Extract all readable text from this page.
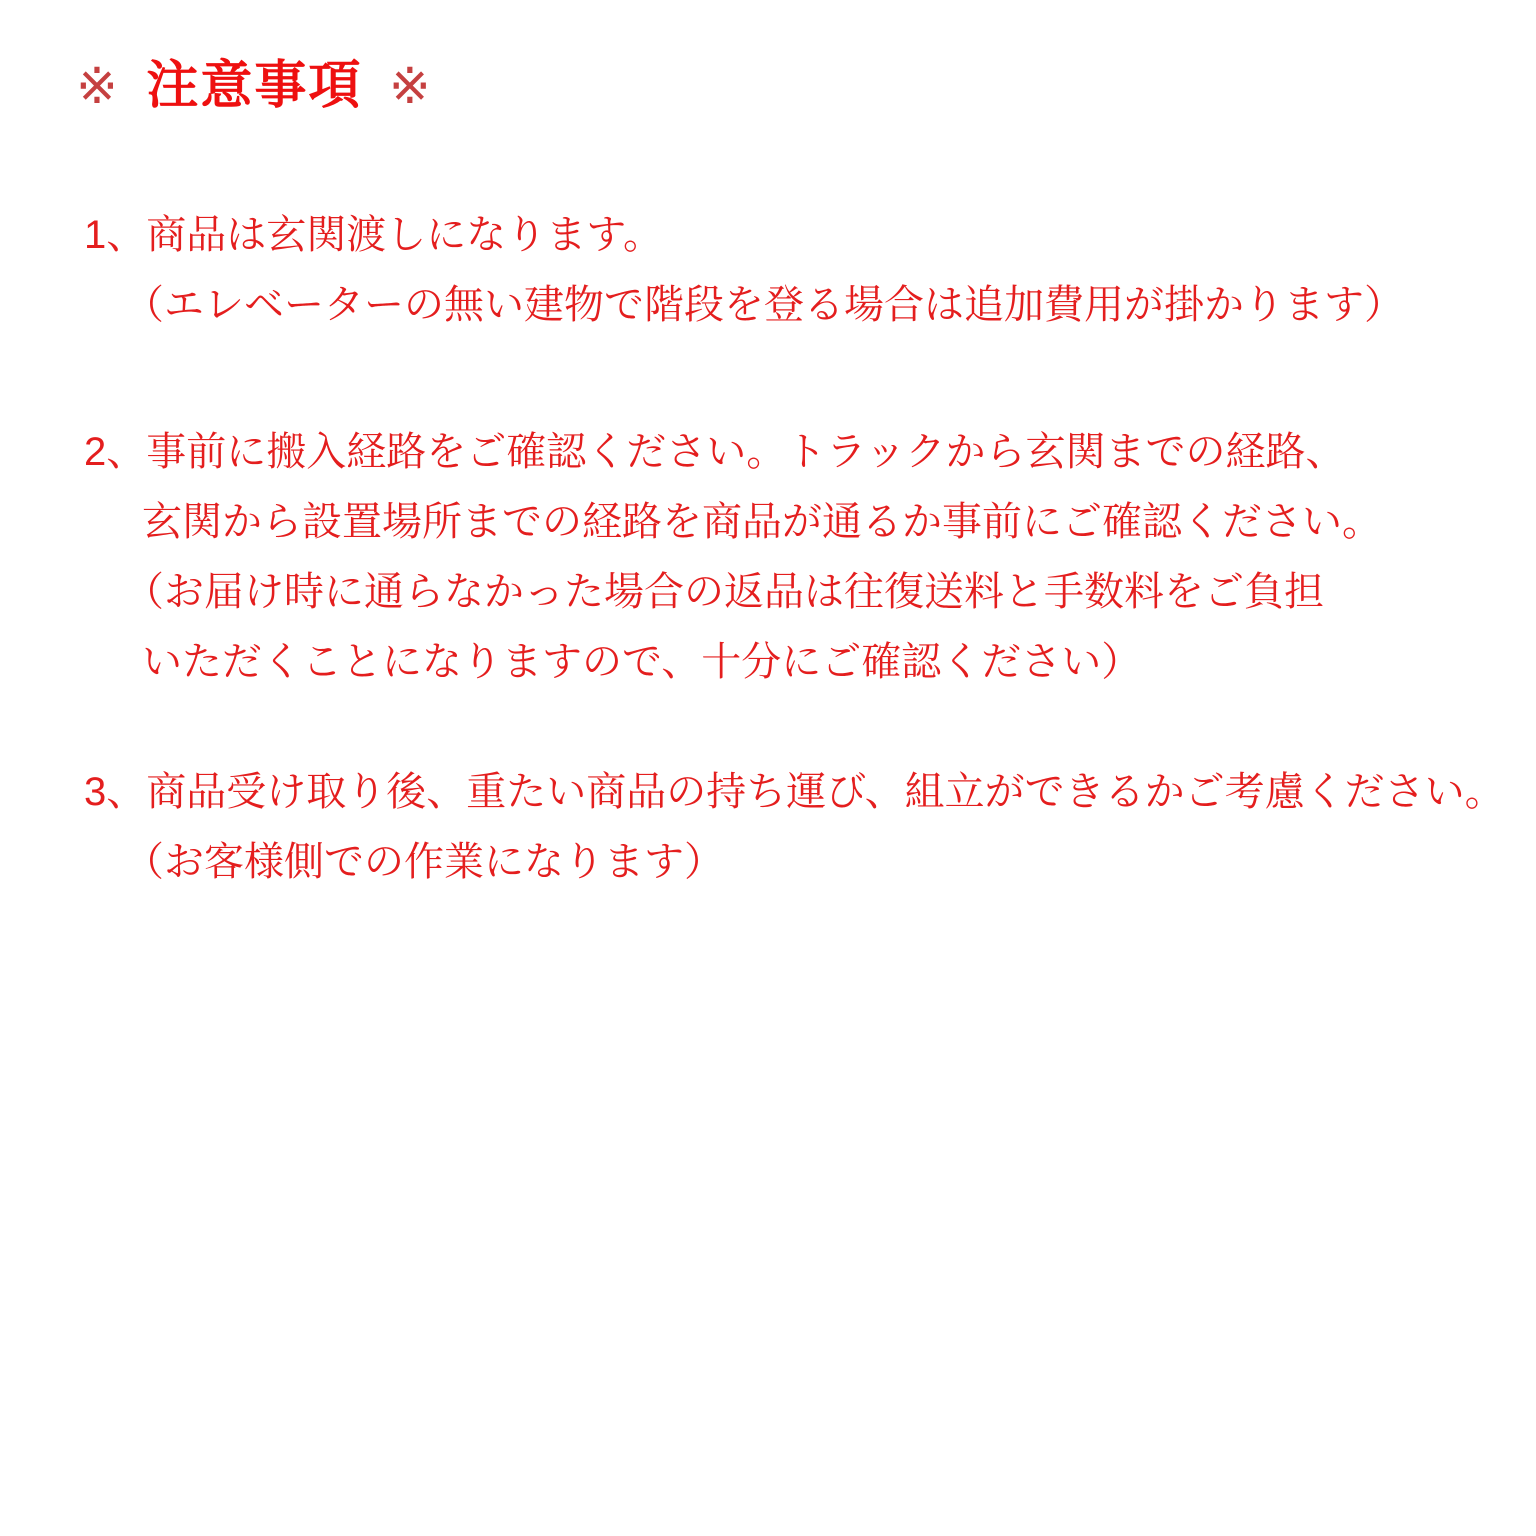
※ 注意事項 ※
1、商品は玄関渡しになります。
（エレベーターの無い建物で階段を登る場合は追加費用が掛かります）
2、事前に搬入経路をご確認ください。トラックから玄関までの経路、
玄関から設置場所までの経路を商品が通るか事前にご確認ください。
（お届け時に通らなかった場合の返品は往復送料と手数料をご負担
いただくことになりますので、十分にご確認ください）
3、商品受け取り後、重たい商品の持ち運び、組立ができるかご考慮ください。
（お客様側での作業になります）
